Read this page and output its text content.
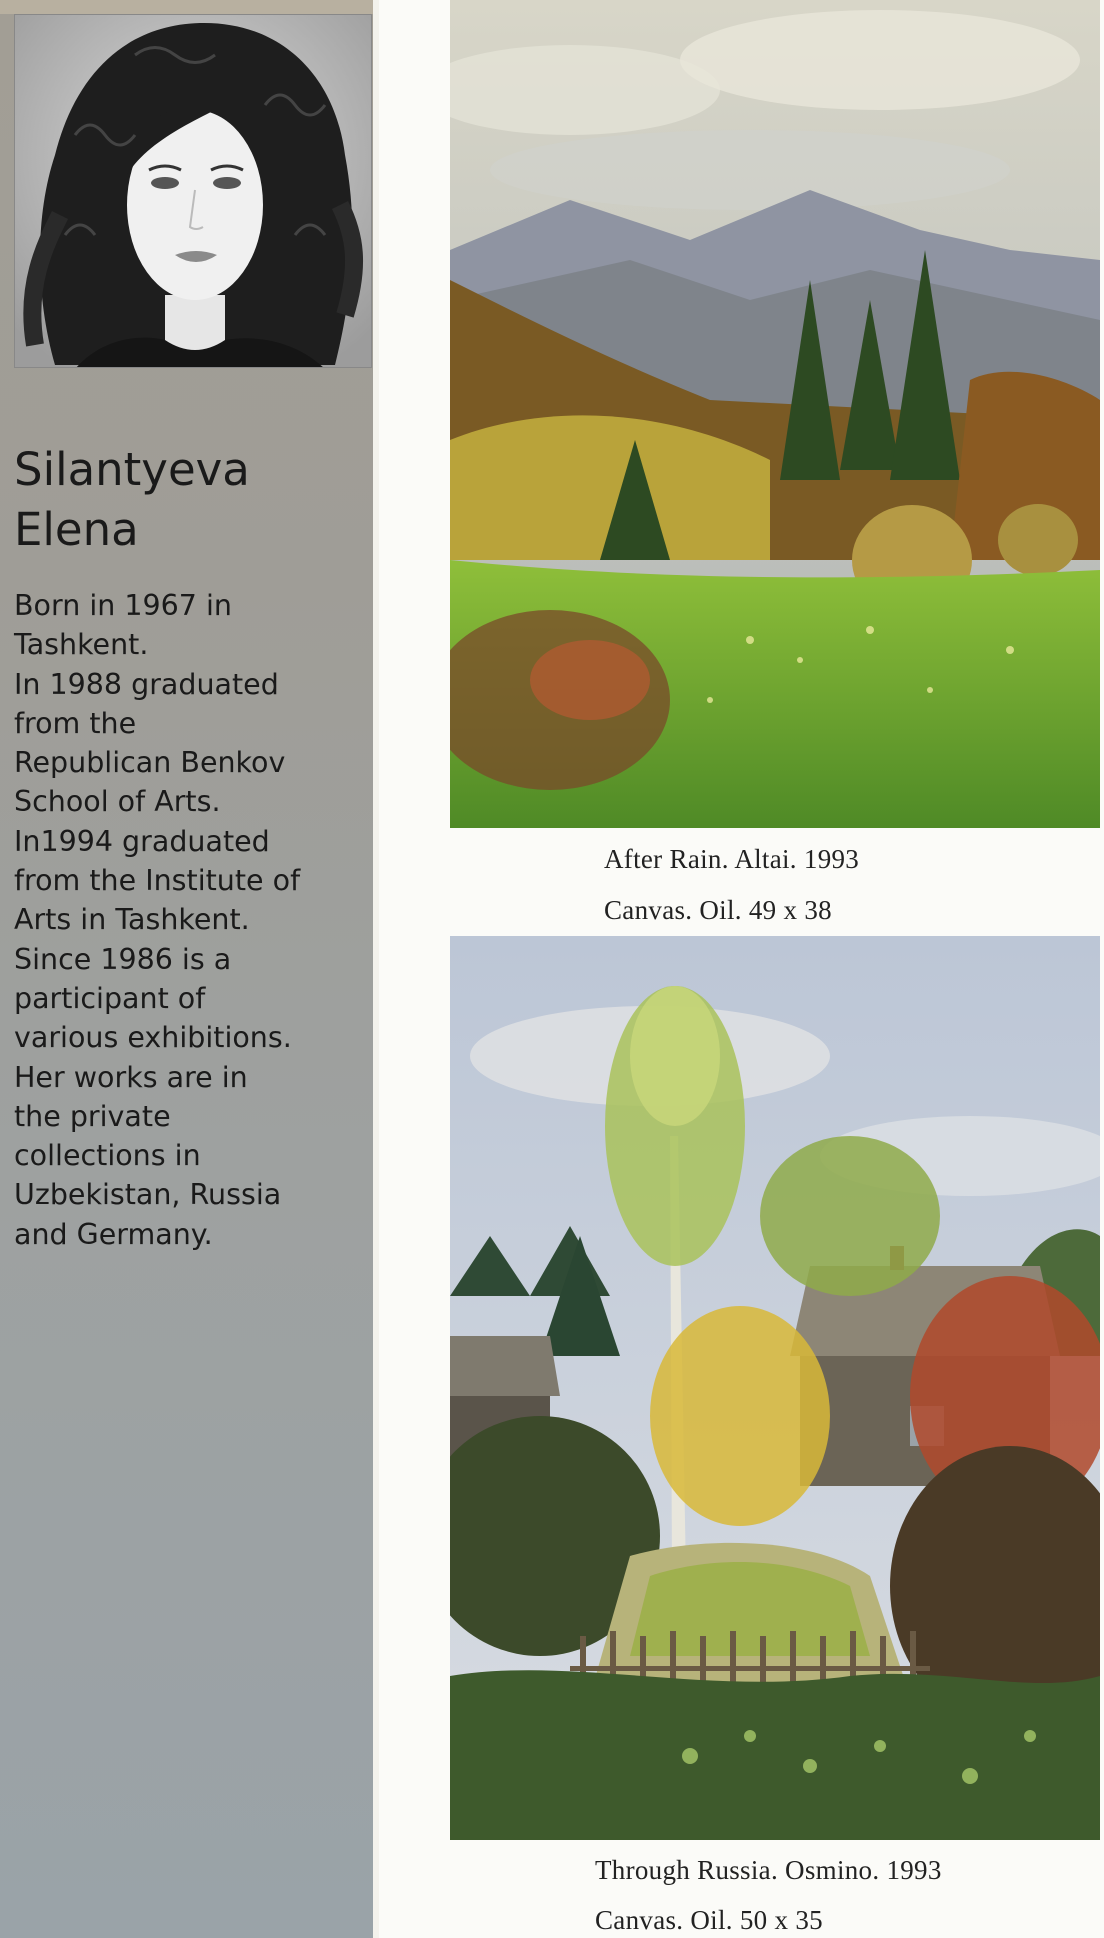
Silantyeva
Elena
Born in 1967 in
Tashkent.
In 1988 graduated
from the
Republican Benkov
School of Arts.
In1994 graduated
from the Institute of
Arts in Tashkent.
Since 1986 is a
participant of
various exhibitions.
Her works are in
the private
collections in
Uzbekistan, Russia
and Germany.
After Rain. Altai. 1993
Canvas. Oil. 49 x 38
Through Russia. Osmino. 1993
Canvas. Oil. 50 x 35
